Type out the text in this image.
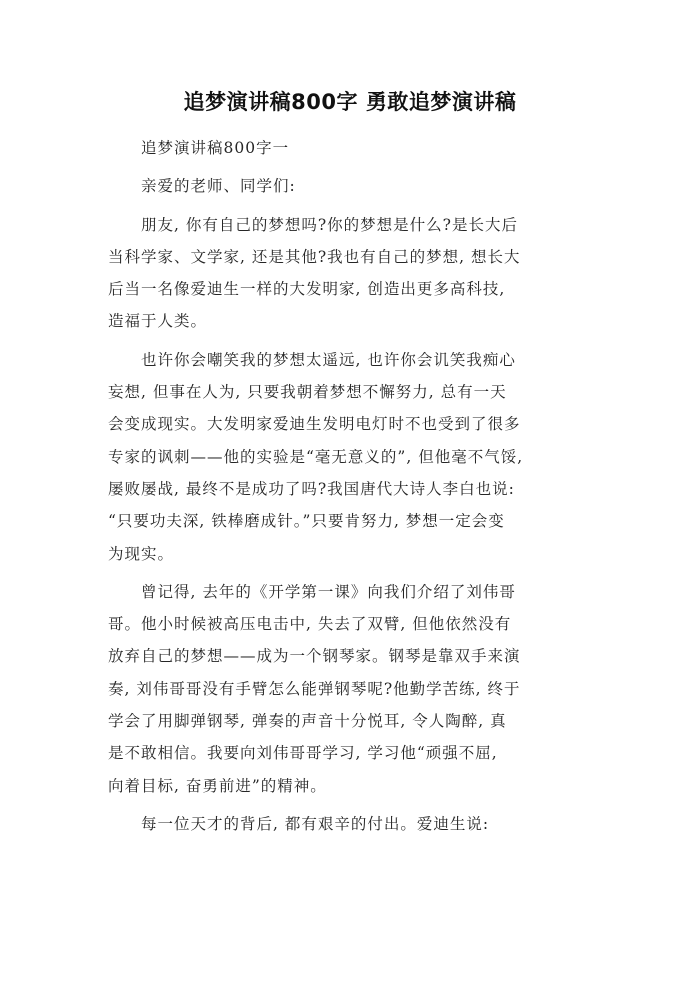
追梦演讲稿800字 勇敢追梦演讲稿
追梦演讲稿800字一
亲爱的老师、同学们:
朋友, 你有自己的梦想吗?你的梦想是什么?是长大后
当科学家、文学家, 还是其他?我也有自己的梦想, 想长大
后当一名像爱迪生一样的大发明家, 创造出更多高科技,
造福于人类。
也许你会嘲笑我的梦想太遥远, 也许你会讥笑我痴心
妄想, 但事在人为, 只要我朝着梦想不懈努力, 总有一天
会变成现实。大发明家爱迪生发明电灯时不也受到了很多
专家的讽刺——他的实验是“毫无意义的”, 但他毫不气馁,
屡败屡战, 最终不是成功了吗?我国唐代大诗人李白也说:
“只要功夫深, 铁棒磨成针。”只要肯努力, 梦想一定会变
为现实。
曾记得, 去年的《开学第一课》向我们介绍了刘伟哥
哥。他小时候被高压电击中, 失去了双臂, 但他依然没有
放弃自己的梦想——成为一个钢琴家。钢琴是靠双手来演
奏, 刘伟哥哥没有手臂怎么能弹钢琴呢?他勤学苦练, 终于
学会了用脚弹钢琴, 弹奏的声音十分悦耳, 令人陶醉, 真
是不敢相信。我要向刘伟哥哥学习, 学习他“顽强不屈,
向着目标, 奋勇前进”的精神。
每一位天才的背后, 都有艰辛的付出。爱迪生说:
